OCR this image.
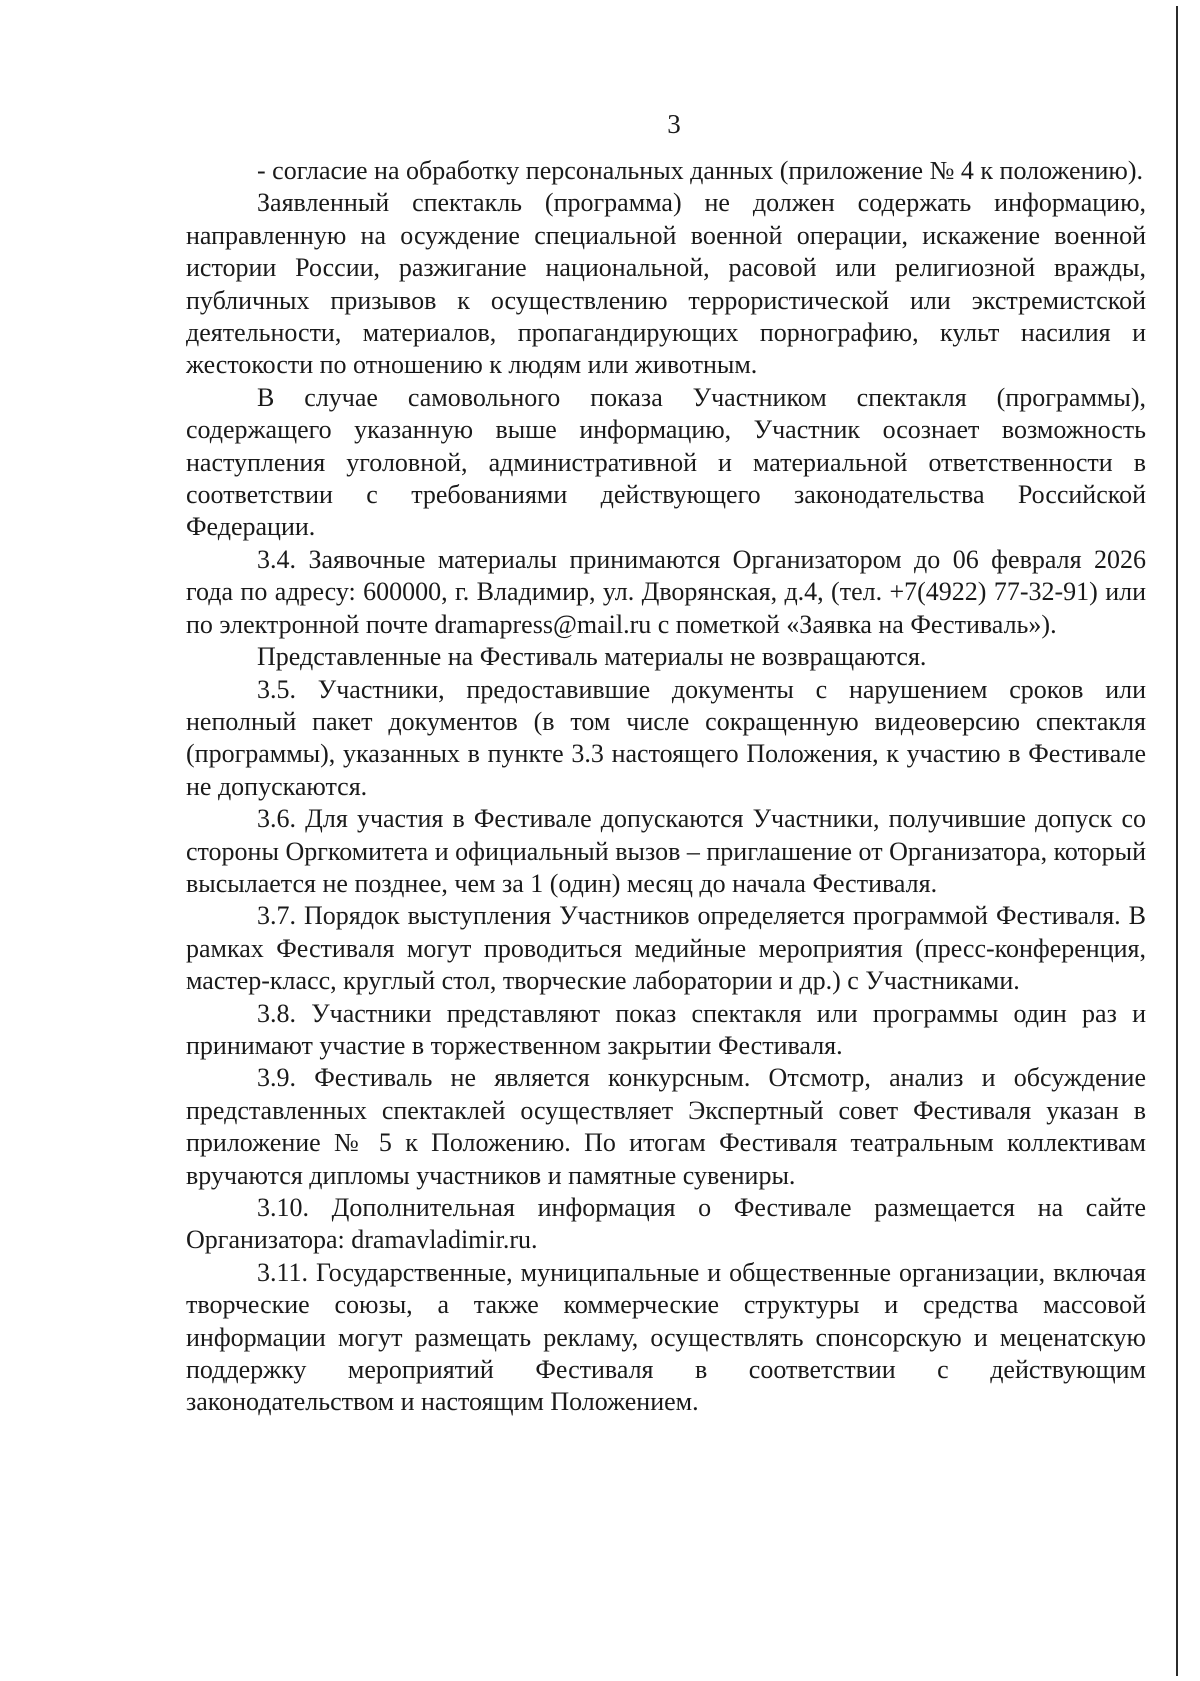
3

- согласие на обработку персональных данных (приложение № 4 к положению).

Заявленный спектакль (программа) не должен содержать информацию, направленную на осуждение специальной военной операции, искажение военной истории России, разжигание национальной, расовой или религиозной вражды, публичных призывов к осуществлению террористической или экстремистской деятельности, материалов, пропагандирующих порнографию, культ насилия и жестокости по отношению к людям или животным.

В случае самовольного показа Участником спектакля (программы), содержащего указанную выше информацию, Участник осознает возможность наступления уголовной, административной и материальной ответственности в соответствии с требованиями действующего законодательства Российской Федерации.

3.4. Заявочные материалы принимаются Организатором до 06 февраля 2026 года по адресу: 600000, г. Владимир, ул. Дворянская, д.4, (тел. +7(4922) 77-32-91) или по электронной почте dramapress@mail.ru с пометкой «Заявка на Фестиваль»).

Представленные на Фестиваль материалы не возвращаются.

3.5. Участники, предоставившие документы с нарушением сроков или неполный пакет документов (в том числе сокращенную видеоверсию спектакля (программы), указанных в пункте 3.3 настоящего Положения, к участию в Фестивале не допускаются.

3.6. Для участия в Фестивале допускаются Участники, получившие допуск со стороны Оргкомитета и официальный вызов – приглашение от Организатора, который высылается не позднее, чем за 1 (один) месяц до начала Фестиваля.

3.7. Порядок выступления Участников определяется программой Фестиваля. В рамках Фестиваля могут проводиться медийные мероприятия (пресс-конференция, мастер-класс, круглый стол, творческие лаборатории и др.) с Участниками.

3.8. Участники представляют показ спектакля или программы один раз и принимают участие в торжественном закрытии Фестиваля.

3.9. Фестиваль не является конкурсным. Отсмотр, анализ и обсуждение представленных спектаклей осуществляет Экспертный совет Фестиваля указан в приложение № 5 к Положению. По итогам Фестиваля театральным коллективам вручаются дипломы участников и памятные сувениры.

3.10. Дополнительная информация о Фестивале размещается на сайте Организатора: dramavladimir.ru.

3.11. Государственные, муниципальные и общественные организации, включая творческие союзы, а также коммерческие структуры и средства массовой информации могут размещать рекламу, осуществлять спонсорскую и меценатскую поддержку мероприятий Фестиваля в соответствии с действующим законодательством и настоящим Положением.
